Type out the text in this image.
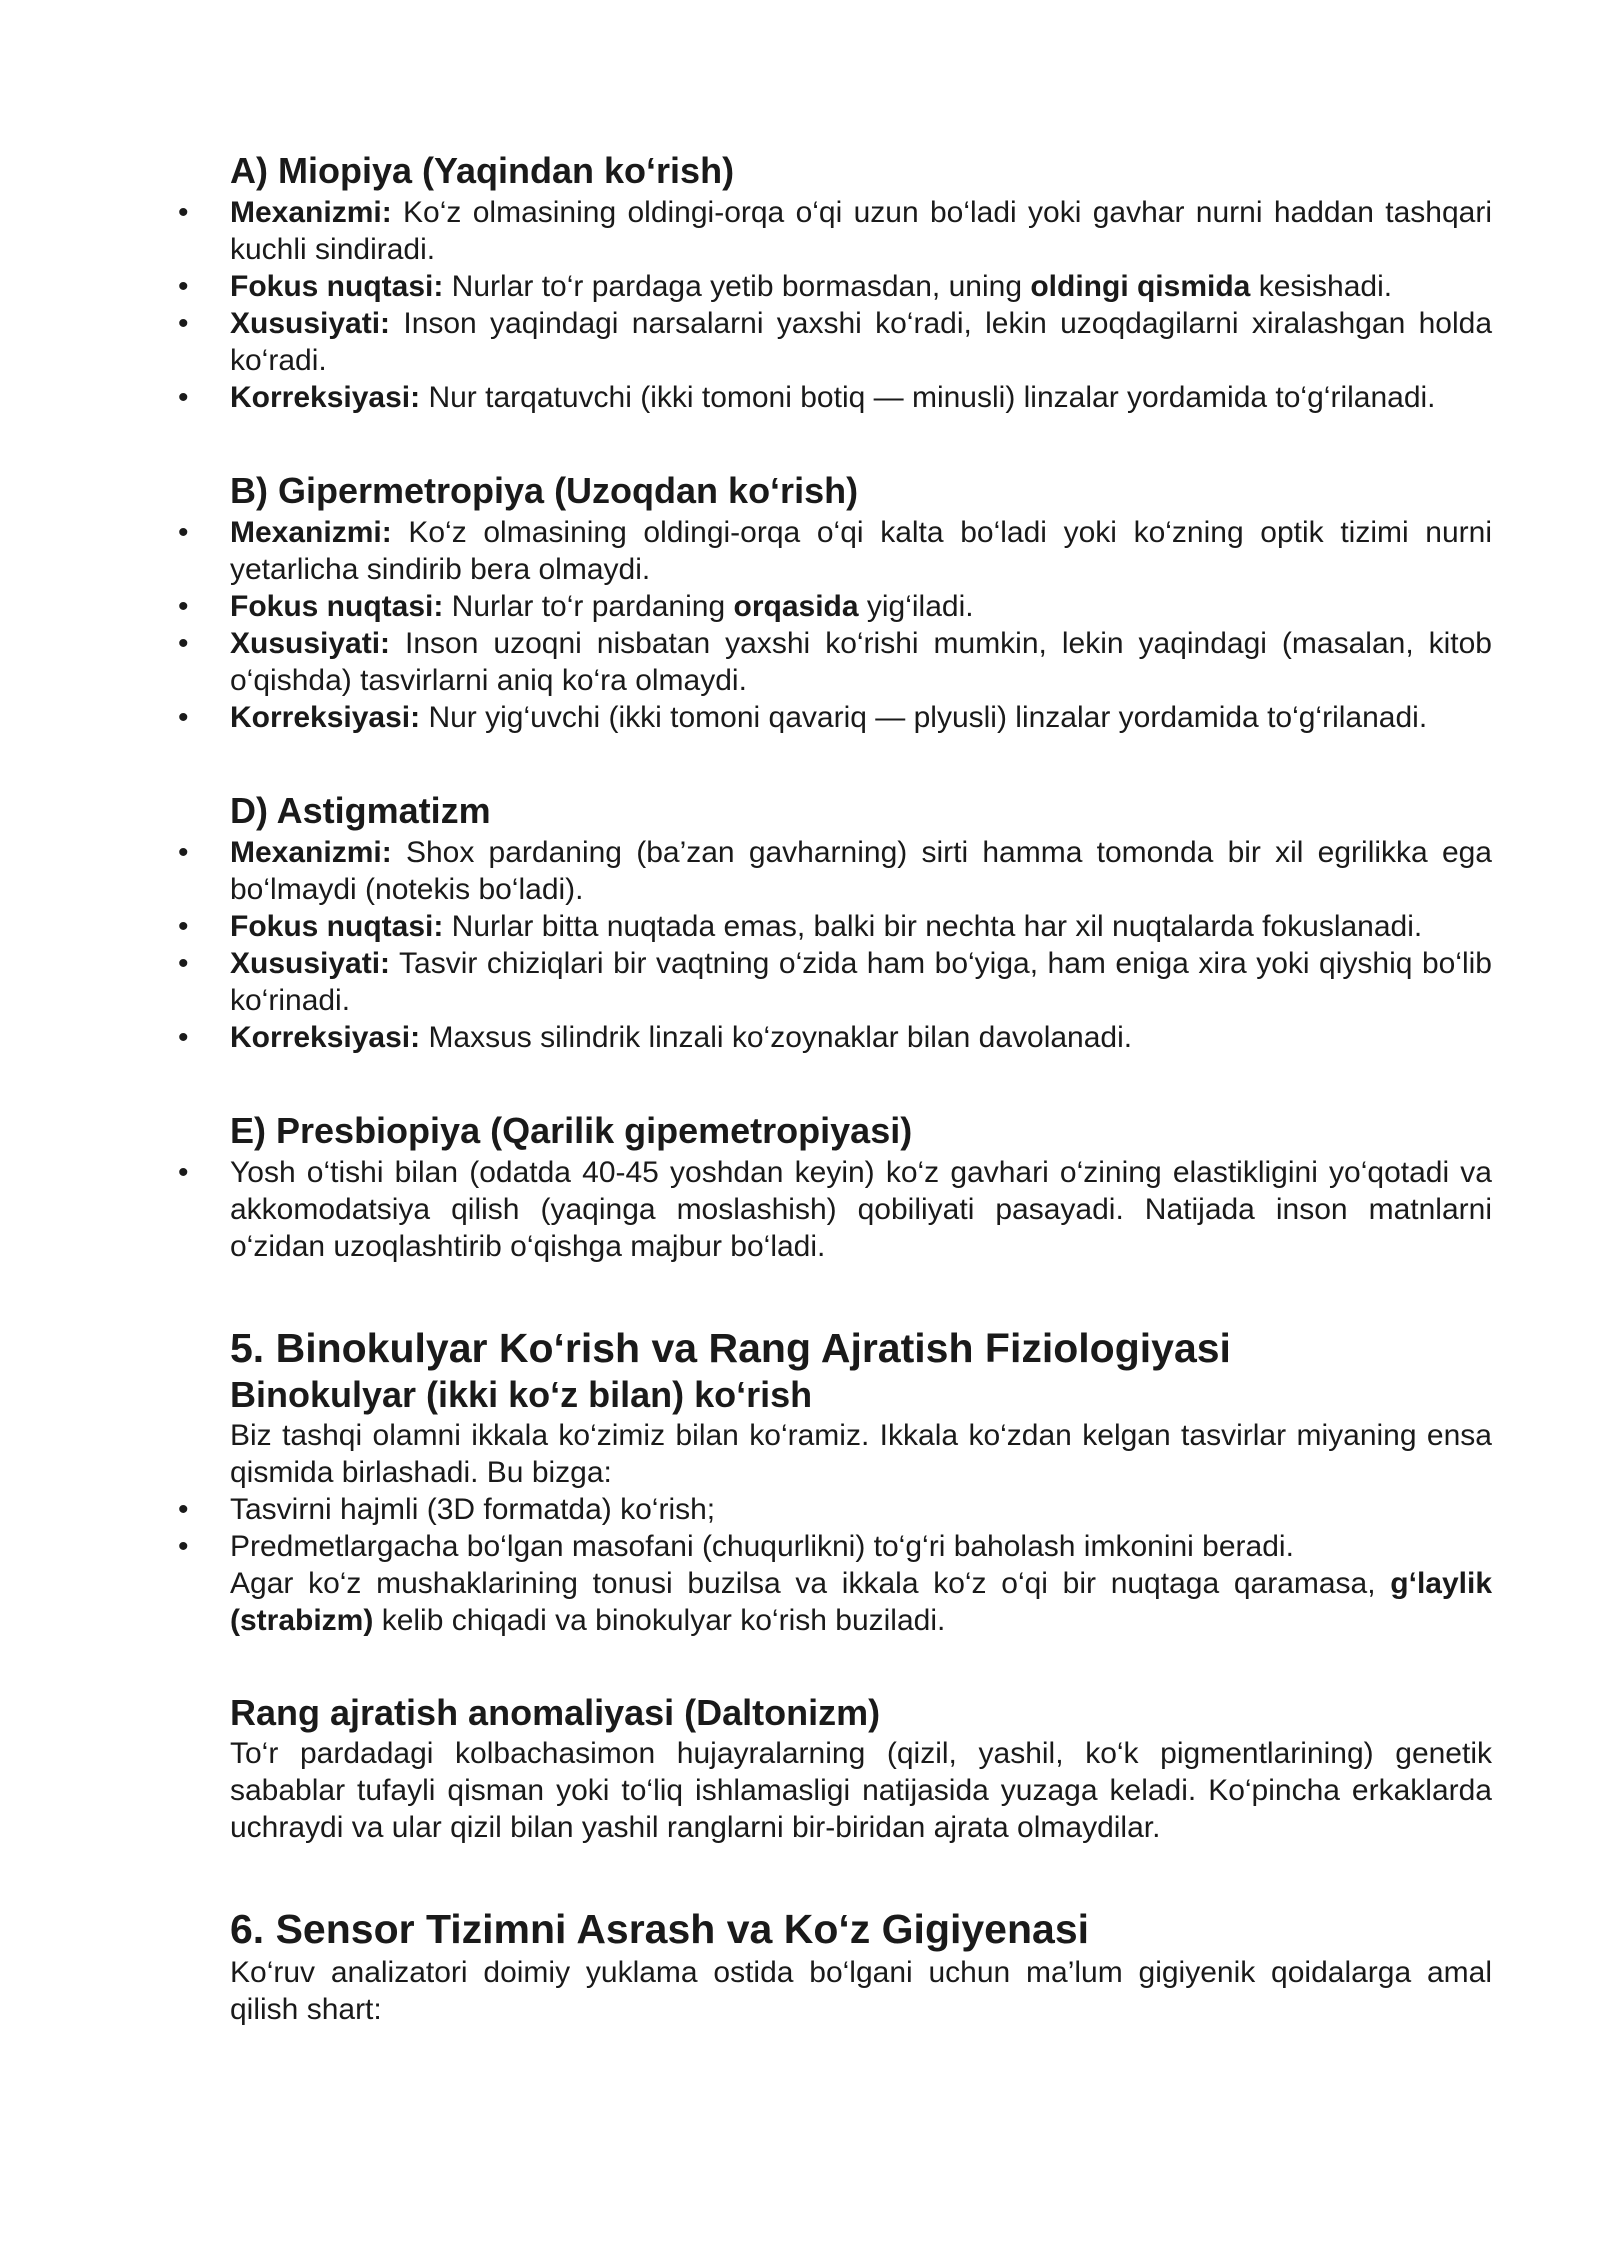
A) Miopiya (Yaqindan ko‘rish)
• Mexanizmi: Ko‘z olmasining oldingi-orqa o‘qi uzun bo‘ladi yoki gavhar nurni haddan tashqari kuchli sindiradi.
• Fokus nuqtasi: Nurlar to‘r pardaga yetib bormasdan, uning oldingi qismida kesishadi.
• Xususiyati: Inson yaqindagi narsalarni yaxshi ko‘radi, lekin uzoqdagilarni xiralashgan holda ko‘radi.
• Korreksiyasi: Nur tarqatuvchi (ikki tomoni botiq — minusli) linzalar yordamida to‘g‘rilanadi.
B) Gipermetropiya (Uzoqdan ko‘rish)
• Mexanizmi: Ko‘z olmasining oldingi-orqa o‘qi kalta bo‘ladi yoki ko‘zning optik tizimi nurni yetarlicha sindirib bera olmaydi.
• Fokus nuqtasi: Nurlar to‘r pardaning orqasida yig‘iladi.
• Xususiyati: Inson uzoqni nisbatan yaxshi ko‘rishi mumkin, lekin yaqindagi (masalan, kitob o‘qishda) tasvirlarni aniq ko‘ra olmaydi.
• Korreksiyasi: Nur yig‘uvchi (ikki tomoni qavariq — plyusli) linzalar yordamida to‘g‘rilanadi.
D) Astigmatizm
• Mexanizmi: Shox pardaning (ba’zan gavharning) sirti hamma tomonda bir xil egrilikka ega bo‘lmaydi (notekis bo‘ladi).
• Fokus nuqtasi: Nurlar bitta nuqtada emas, balki bir nechta har xil nuqtalarda fokuslanadi.
• Xususiyati: Tasvir chiziqlari bir vaqtning o‘zida ham bo‘yiga, ham eniga xira yoki qiyshiq bo‘lib ko‘rinadi.
• Korreksiyasi: Maxsus silindrik linzali ko‘zoynaklar bilan davolanadi.
E) Presbiopiya (Qarilik gipemetropiyasi)
• Yosh o‘tishi bilan (odatda 40-45 yoshdan keyin) ko‘z gavhari o‘zining elastikligini yo‘qotadi va akkomodatsiya qilish (yaqinga moslashish) qobiliyati pasayadi. Natijada inson matnlarni o‘zidan uzoqlashtirib o‘qishga majbur bo‘ladi.
5. Binokulyar Ko‘rish va Rang Ajratish Fiziologiyasi
Binokulyar (ikki ko‘z bilan) ko‘rish

Biz tashqi olamni ikkala ko‘zimiz bilan ko‘ramiz. Ikkala ko‘zdan kelgan tasvirlar miyaning ensa qismida birlashadi. Bu bizga:

• Tasvirni hajmli (3D formatda) ko‘rish;
• Predmetlargacha bo‘lgan masofani (chuqurlikni) to‘g‘ri baholash imkonini beradi.

Agar ko‘z mushaklarining tonusi buzilsa va ikkala ko‘z o‘qi bir nuqtaga qaramasa, g‘laylik (strabizm) kelib chiqadi va binokulyar ko‘rish buziladi.

Rang ajratish anomaliyasi (Daltonizm)

To‘r pardadagi kolbachasimon hujayralarning (qizil, yashil, ko‘k pigmentlarining) genetik sabablar tufayli qisman yoki to‘liq ishlamasligi natijasida yuzaga keladi. Ko‘pincha erkaklarda uchraydi va ular qizil bilan yashil ranglarni bir-biridan ajrata olmaydilar.

6. Sensor Tizimni Asrash va Ko‘z Gigiyenasi

Ko‘ruv analizatori doimiy yuklama ostida bo‘lgani uchun ma’lum gigiyenik qoidalarga amal qilish shart:
